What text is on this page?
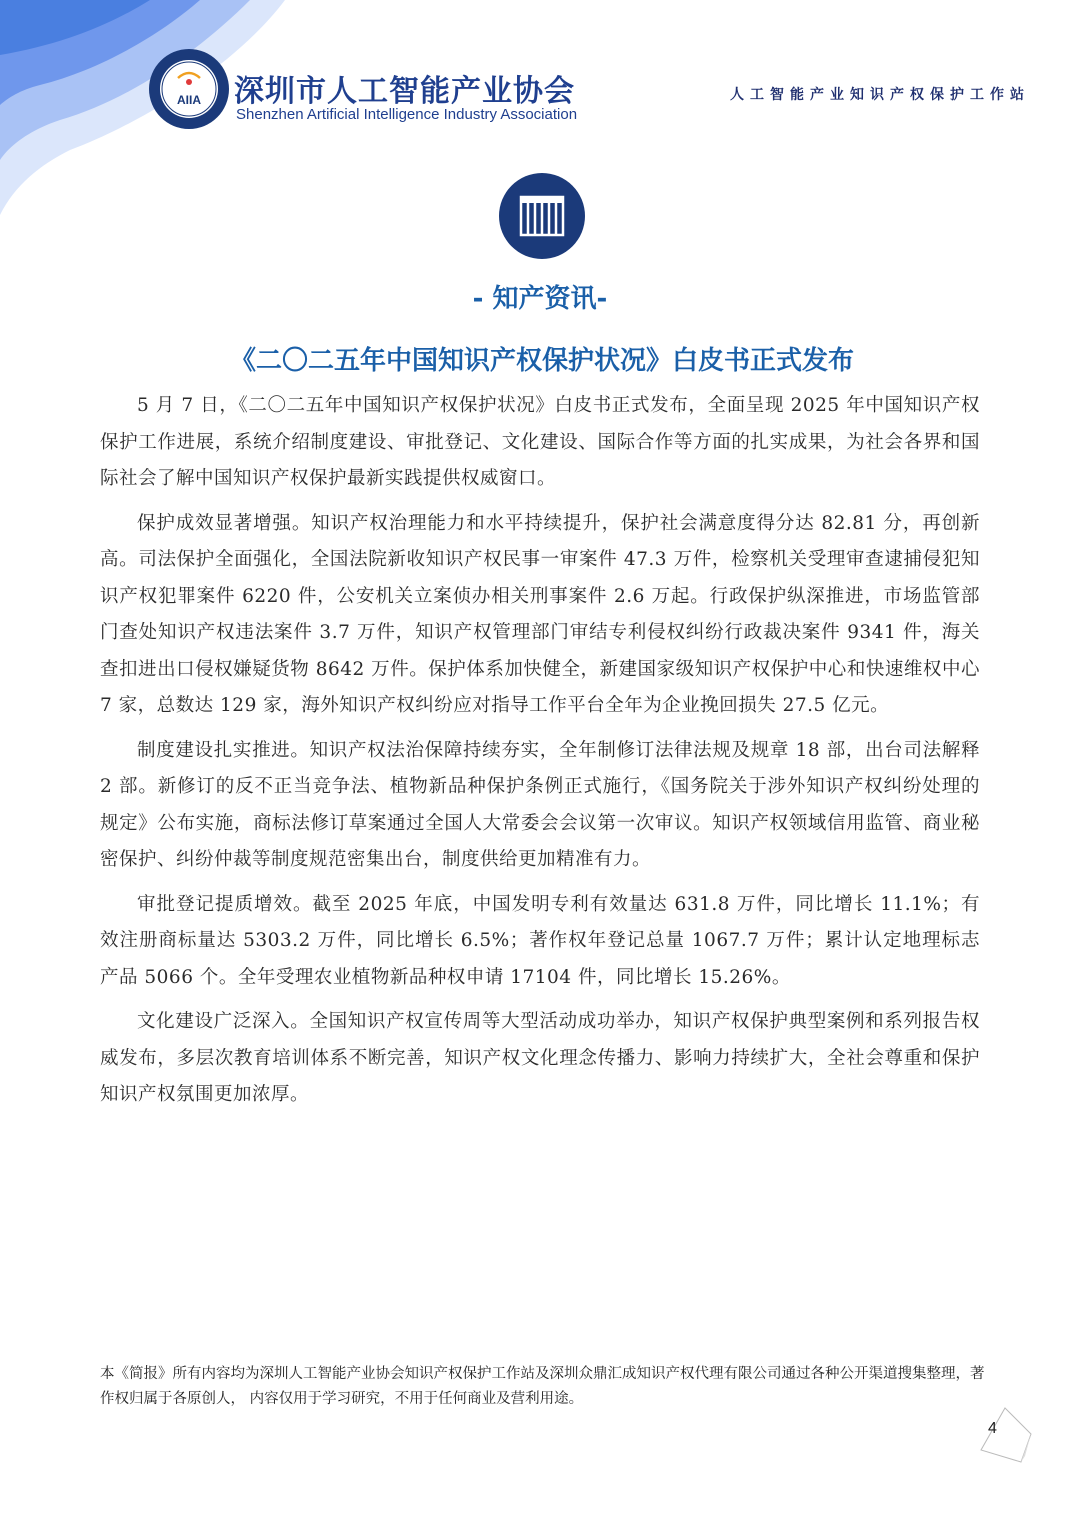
AIIA 深圳市人工智能产业协会
Shenzhen Artificial Intelligence Industry Association
人工智能产业知识产权保护工作站
- 知产资讯-
《二〇二五年中国知识产权保护状况》白皮书正式发布

5 月 7 日，《二〇二五年中国知识产权保护状况》白皮书正式发布，全面呈现 2025 年中国知识产权保护工作进展，系统介绍制度建设、审批登记、文化建设、国际合作等方面的扎实成果，为社会各界和国际社会了解中国知识产权保护最新实践提供权威窗口。

保护成效显著增强。知识产权治理能力和水平持续提升，保护社会满意度得分达 82.81 分，再创新高。司法保护全面强化，全国法院新收知识产权民事一审案件 47.3 万件，检察机关受理审查逮捕侵犯知识产权犯罪案件 6220 件，公安机关立案侦办相关刑事案件 2.6 万起。行政保护纵深推进，市场监管部门查处知识产权违法案件 3.7 万件，知识产权管理部门审结专利侵权纠纷行政裁决案件 9341 件，海关查扣进出口侵权嫌疑货物 8642 万件。保护体系加快健全，新建国家级知识产权保护中心和快速维权中心 7 家，总数达 129 家，海外知识产权纠纷应对指导工作平台全年为企业挽回损失 27.5 亿元。

制度建设扎实推进。知识产权法治保障持续夯实，全年制修订法律法规及规章 18 部，出台司法解释 2 部。新修订的反不正当竞争法、植物新品种保护条例正式施行，《国务院关于涉外知识产权纠纷处理的规定》公布实施，商标法修订草案通过全国人大常委会会议第一次审议。知识产权领域信用监管、商业秘密保护、纠纷仲裁等制度规范密集出台，制度供给更加精准有力。

审批登记提质增效。截至 2025 年底，中国发明专利有效量达 631.8 万件，同比增长 11.1%；有效注册商标量达 5303.2 万件，同比增长 6.5%；著作权年登记总量 1067.7 万件；累计认定地理标志产品 5066 个。全年受理农业植物新品种权申请 17104 件，同比增长 15.26%。

文化建设广泛深入。全国知识产权宣传周等大型活动成功举办，知识产权保护典型案例和系列报告权威发布，多层次教育培训体系不断完善，知识产权文化理念传播力、影响力持续扩大，全社会尊重和保护知识产权氛围更加浓厚。

本《简报》所有内容均为深圳人工智能产业协会知识产权保护工作站及深圳众鼎汇成知识产权代理有限公司通过各种公开渠道搜集整理，著作权归属于各原创人， 内容仅用于学习研究，不用于任何商业及营利用途。
4
